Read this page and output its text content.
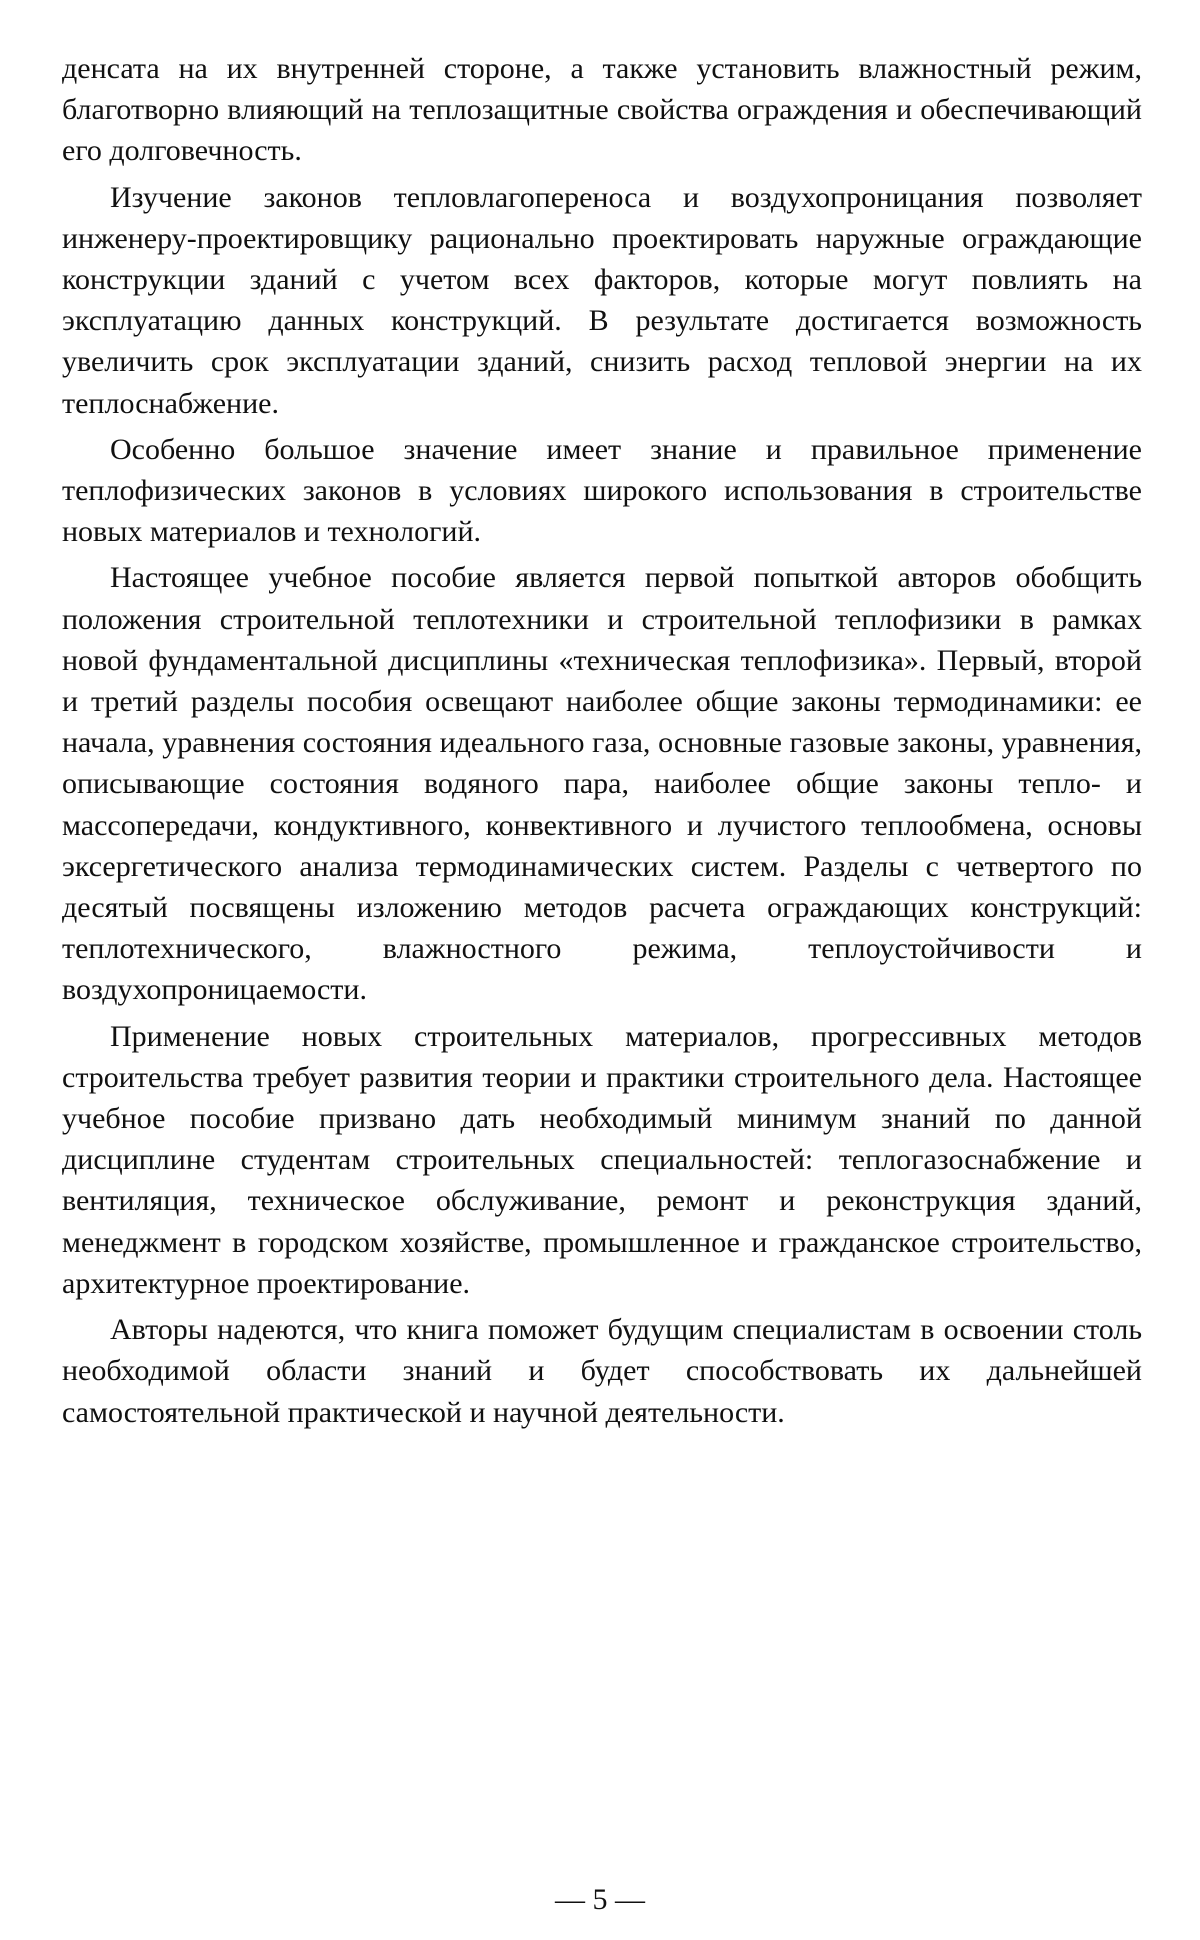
денсата на их внутренней стороне, а также установить влажностный режим, благотворно влияющий на теплозащитные свойства ограждения и обеспечивающий его долговечность.

Изучение законов тепловлагопереноса и воздухопроницания позволяет инженеру-проектировщику рационально проектировать наружные ограждающие конструкции зданий с учетом всех факторов, которые могут повлиять на эксплуатацию данных конструкций. В результате достигается возможность увеличить срок эксплуатации зданий, снизить расход тепловой энергии на их теплоснабжение.

Особенно большое значение имеет знание и правильное применение теплофизических законов в условиях широкого использования в строительстве новых материалов и технологий.

Настоящее учебное пособие является первой попыткой авторов обобщить положения строительной теплотехники и строительной теплофизики в рамках новой фундаментальной дисциплины «техническая теплофизика». Первый, второй и третий разделы пособия освещают наиболее общие законы термодинамики: ее начала, уравнения состояния идеального газа, основные газовые законы, уравнения, описывающие состояния водяного пара, наиболее общие законы тепло- и массопередачи, кондуктивного, конвективного и лучистого теплообмена, основы эксергетического анализа термодинамических систем. Разделы с четвертого по десятый посвящены изложению методов расчета ограждающих конструкций: теплотехнического, влажностного режима, теплоустойчивости и воздухопроницаемости.

Применение новых строительных материалов, прогрессивных методов строительства требует развития теории и практики строительного дела. Настоящее учебное пособие призвано дать необходимый минимум знаний по данной дисциплине студентам строительных специальностей: теплогазоснабжение и вентиляция, техническое обслуживание, ремонт и реконструкция зданий, менеджмент в городском хозяйстве, промышленное и гражданское строительство, архитектурное проектирование.

Авторы надеются, что книга поможет будущим специалистам в освоении столь необходимой области знаний и будет способствовать их дальнейшей самостоятельной практической и научной деятельности.

— 5 —
